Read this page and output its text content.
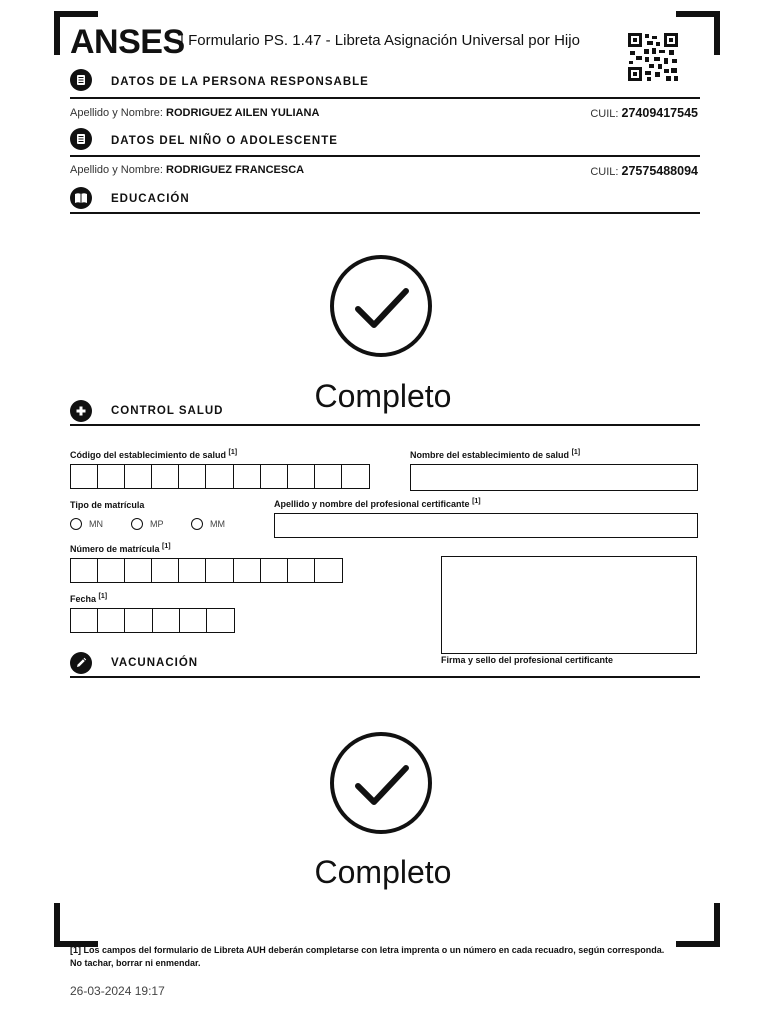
ANSES
| Formulario PS. 1.47 - Libreta Asignación Universal por Hijo
DATOS DE LA PERSONA RESPONSABLE
Apellido y Nombre: RODRIGUEZ AILEN YULIANA	CUIL: 27409417545
DATOS DEL NIÑO O ADOLESCENTE
Apellido y Nombre: RODRIGUEZ FRANCESCA	CUIL: 27575488094
EDUCACIÓN
Completo
CONTROL SALUD
Código del establecimiento de salud [1]	Nombre del establecimiento de salud [1]
Tipo de matrícula
MN	MP	MM
Apellido y nombre del profesional certificante [1]
Número de matrícula [1]
Fecha [1]
Firma y sello del profesional certificante
VACUNACIÓN
Completo
[1] Los campos del formulario de Libreta AUH deberán completarse con letra imprenta o un número en cada recuadro, según corresponda.
No tachar, borrar ni enmendar.
26-03-2024 19:17
